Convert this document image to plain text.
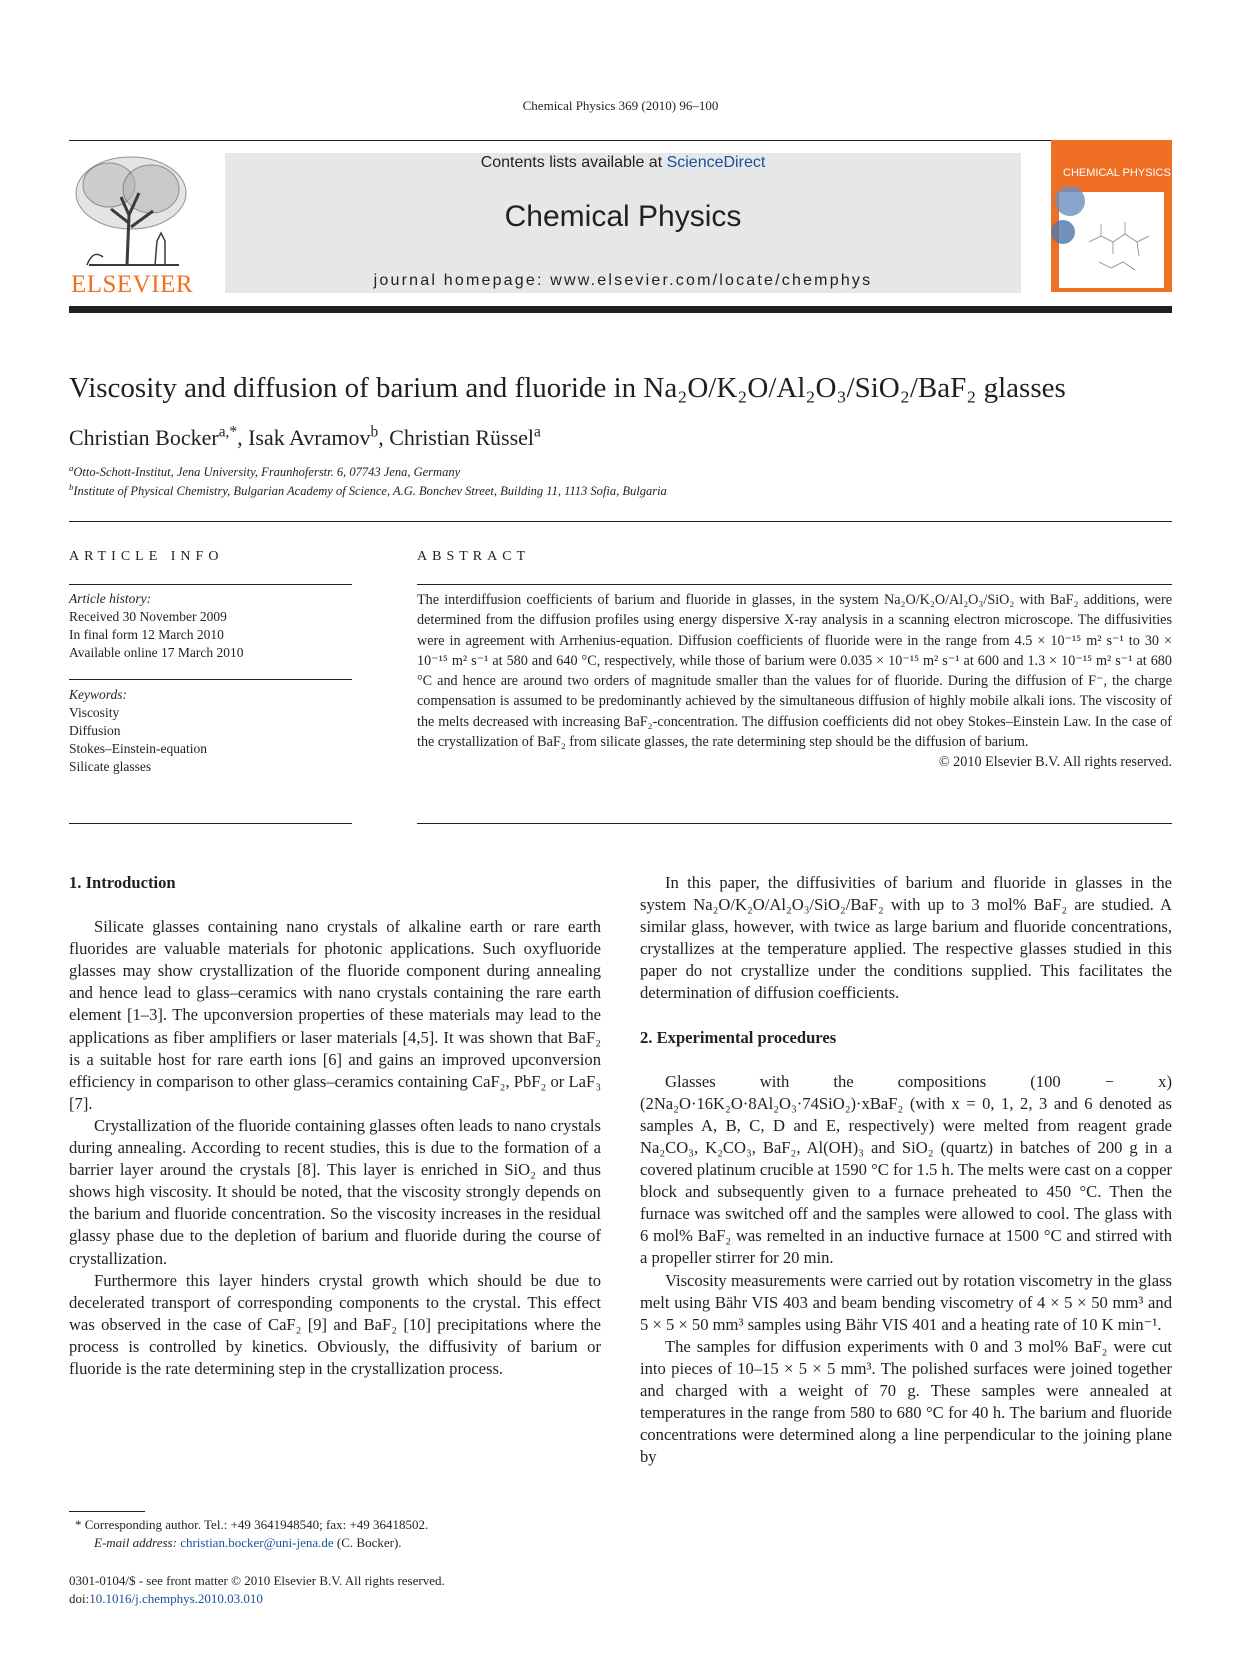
Chemical Physics 369 (2010) 96–100
ELSEVIER
Contents lists available at ScienceDirect
Chemical Physics
journal homepage: www.elsevier.com/locate/chemphys
CHEMICAL PHYSICS
Viscosity and diffusion of barium and fluoride in Na₂O/K₂O/Al₂O₃/SiO₂/BaF₂ glasses
Christian Bocker$^{a,*}$, Isak Avramov$^b$, Christian Rüssel$^a$
$^a$Otto-Schott-Institut, Jena University, Fraunhoferstr. 6, 07743 Jena, Germany
$^b$Institute of Physical Chemistry, Bulgarian Academy of Science, A.G. Bonchev Street, Building 11, 1113 Sofia, Bulgaria
ARTICLE INFO	ABSTRACT
Article history:
Received 30 November 2009
In final form 12 March 2010
Available online 17 March 2010
Keywords:
Viscosity
Diffusion
Stokes–Einstein-equation
Silicate glasses
The interdiffusion coefficients of barium and fluoride in glasses, in the system Na₂O/K₂O/Al₂O₃/SiO₂ with BaF₂ additions, were determined from the diffusion profiles using energy dispersive X-ray analysis in a scanning electron microscope. The diffusivities were in agreement with Arrhenius-equation. Diffusion coefficients of fluoride were in the range from 4.5 × 10⁻¹⁵ m² s⁻¹ to 30 × 10⁻¹⁵ m² s⁻¹ at 580 and 640 °C, respectively, while those of barium were 0.035 × 10⁻¹⁵ m² s⁻¹ at 600 and 1.3 × 10⁻¹⁵ m² s⁻¹ at 680 °C and hence are around two orders of magnitude smaller than the values for of fluoride. During the diffusion of F⁻, the charge compensation is assumed to be predominantly achieved by the simultaneous diffusion of highly mobile alkali ions. The viscosity of the melts decreased with increasing BaF₂-concentration. The diffusion coefficients did not obey Stokes–Einstein Law. In the case of the crystallization of BaF₂ from silicate glasses, the rate determining step should be the diffusion of barium.
© 2010 Elsevier B.V. All rights reserved.
1. Introduction

Silicate glasses containing nano crystals of alkaline earth or rare earth fluorides are valuable materials for photonic applications. Such oxyfluoride glasses may show crystallization of the fluoride component during annealing and hence lead to glass–ceramics with nano crystals containing the rare earth element [1–3]. The upconversion properties of these materials may lead to the applications as fiber amplifiers or laser materials [4,5]. It was shown that BaF₂ is a suitable host for rare earth ions [6] and gains an improved upconversion efficiency in comparison to other glass–ceramics containing CaF₂, PbF₂ or LaF₃ [7].

Crystallization of the fluoride containing glasses often leads to nano crystals during annealing. According to recent studies, this is due to the formation of a barrier layer around the crystals [8]. This layer is enriched in SiO₂ and thus shows high viscosity. It should be noted, that the viscosity strongly depends on the barium and fluoride concentration. So the viscosity increases in the residual glassy phase due to the depletion of barium and fluoride during the course of crystallization.

Furthermore this layer hinders crystal growth which should be due to decelerated transport of corresponding components to the crystal. This effect was observed in the case of CaF₂ [9] and BaF₂ [10] precipitations where the process is controlled by kinetics. Obviously, the diffusivity of barium or fluoride is the rate determining step in the crystallization process.

In this paper, the diffusivities of barium and fluoride in glasses in the system Na₂O/K₂O/Al₂O₃/SiO₂/BaF₂ with up to 3 mol% BaF₂ are studied. A similar glass, however, with twice as large barium and fluoride concentrations, crystallizes at the temperature applied. The respective glasses studied in this paper do not crystallize under the conditions supplied. This facilitates the determination of diffusion coefficients.

2. Experimental procedures

Glasses with the compositions (100 − x)(2Na₂O·16K₂O·8Al₂O₃·74SiO₂)·xBaF₂ (with x = 0, 1, 2, 3 and 6 denoted as samples A, B, C, D and E, respectively) were melted from reagent grade Na₂CO₃, K₂CO₃, BaF₂, Al(OH)₃ and SiO₂ (quartz) in batches of 200 g in a covered platinum crucible at 1590 °C for 1.5 h. The melts were cast on a copper block and subsequently given to a furnace preheated to 450 °C. Then the furnace was switched off and the samples were allowed to cool. The glass with 6 mol% BaF₂ was remelted in an inductive furnace at 1500 °C and stirred with a propeller stirrer for 20 min.

Viscosity measurements were carried out by rotation viscometry in the glass melt using Bähr VIS 403 and beam bending viscometry of 4 × 5 × 50 mm³ and 5 × 5 × 50 mm³ samples using Bähr VIS 401 and a heating rate of 10 K min⁻¹.

The samples for diffusion experiments with 0 and 3 mol% BaF₂ were cut into pieces of 10–15 × 5 × 5 mm³. The polished surfaces were joined together and charged with a weight of 70 g. These samples were annealed at temperatures in the range from 580 to 680 °C for 40 h. The barium and fluoride concentrations were determined along a line perpendicular to the joining plane by

* Corresponding author. Tel.: +49 3641948540; fax: +49 36418502.
E-mail address: christian.bocker@uni-jena.de (C. Bocker).
0301-0104/$ - see front matter © 2010 Elsevier B.V. All rights reserved.
doi:10.1016/j.chemphys.2010.03.010
